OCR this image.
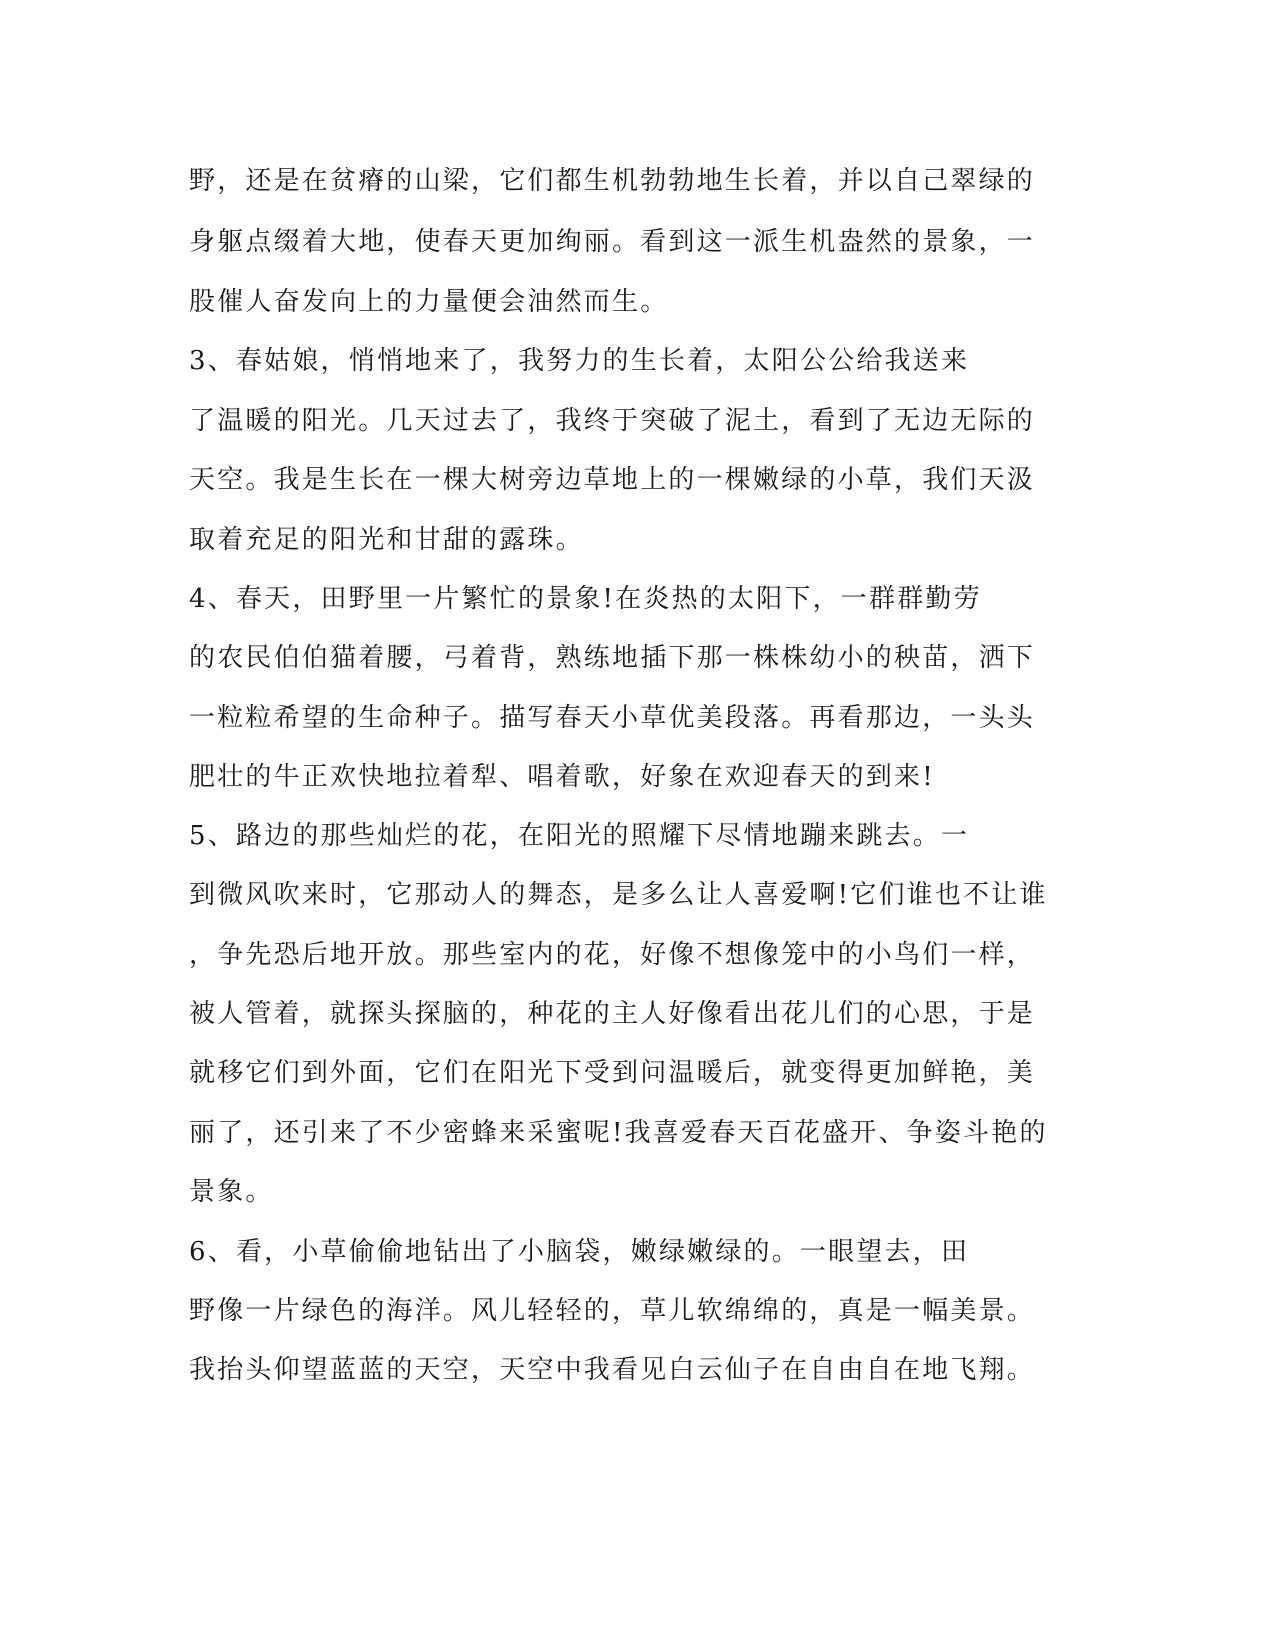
野，还是在贫瘠的山梁，它们都生机勃勃地生长着，并以自己翠绿的

身躯点缀着大地，使春天更加绚丽。看到这一派生机盎然的景象，一

股催人奋发向上的力量便会油然而生。

3、春姑娘，悄悄地来了，我努力的生长着，太阳公公给我送来

了温暖的阳光。几天过去了，我终于突破了泥土，看到了无边无际的

天空。我是生长在一棵大树旁边草地上的一棵嫩绿的小草，我们天汲

取着充足的阳光和甘甜的露珠。

4、春天，田野里一片繁忙的景象!在炎热的太阳下，一群群勤劳

的农民伯伯猫着腰，弓着背，熟练地插下那一株株幼小的秧苗，洒下

一粒粒希望的生命种子。描写春天小草优美段落。再看那边，一头头

肥壮的牛正欢快地拉着犁、唱着歌，好象在欢迎春天的到来!

5、路边的那些灿烂的花，在阳光的照耀下尽情地蹦来跳去。一

到微风吹来时，它那动人的舞态，是多么让人喜爱啊!它们谁也不让谁

，争先恐后地开放。那些室内的花，好像不想像笼中的小鸟们一样，

被人管着，就探头探脑的，种花的主人好像看出花儿们的心思，于是

就移它们到外面，它们在阳光下受到问温暖后，就变得更加鲜艳，美

丽了，还引来了不少密蜂来采蜜呢!我喜爱春天百花盛开、争姿斗艳的

景象。

6、看，小草偷偷地钻出了小脑袋，嫩绿嫩绿的。一眼望去，田

野像一片绿色的海洋。风儿轻轻的，草儿软绵绵的，真是一幅美景。

我抬头仰望蓝蓝的天空，天空中我看见白云仙子在自由自在地飞翔。
